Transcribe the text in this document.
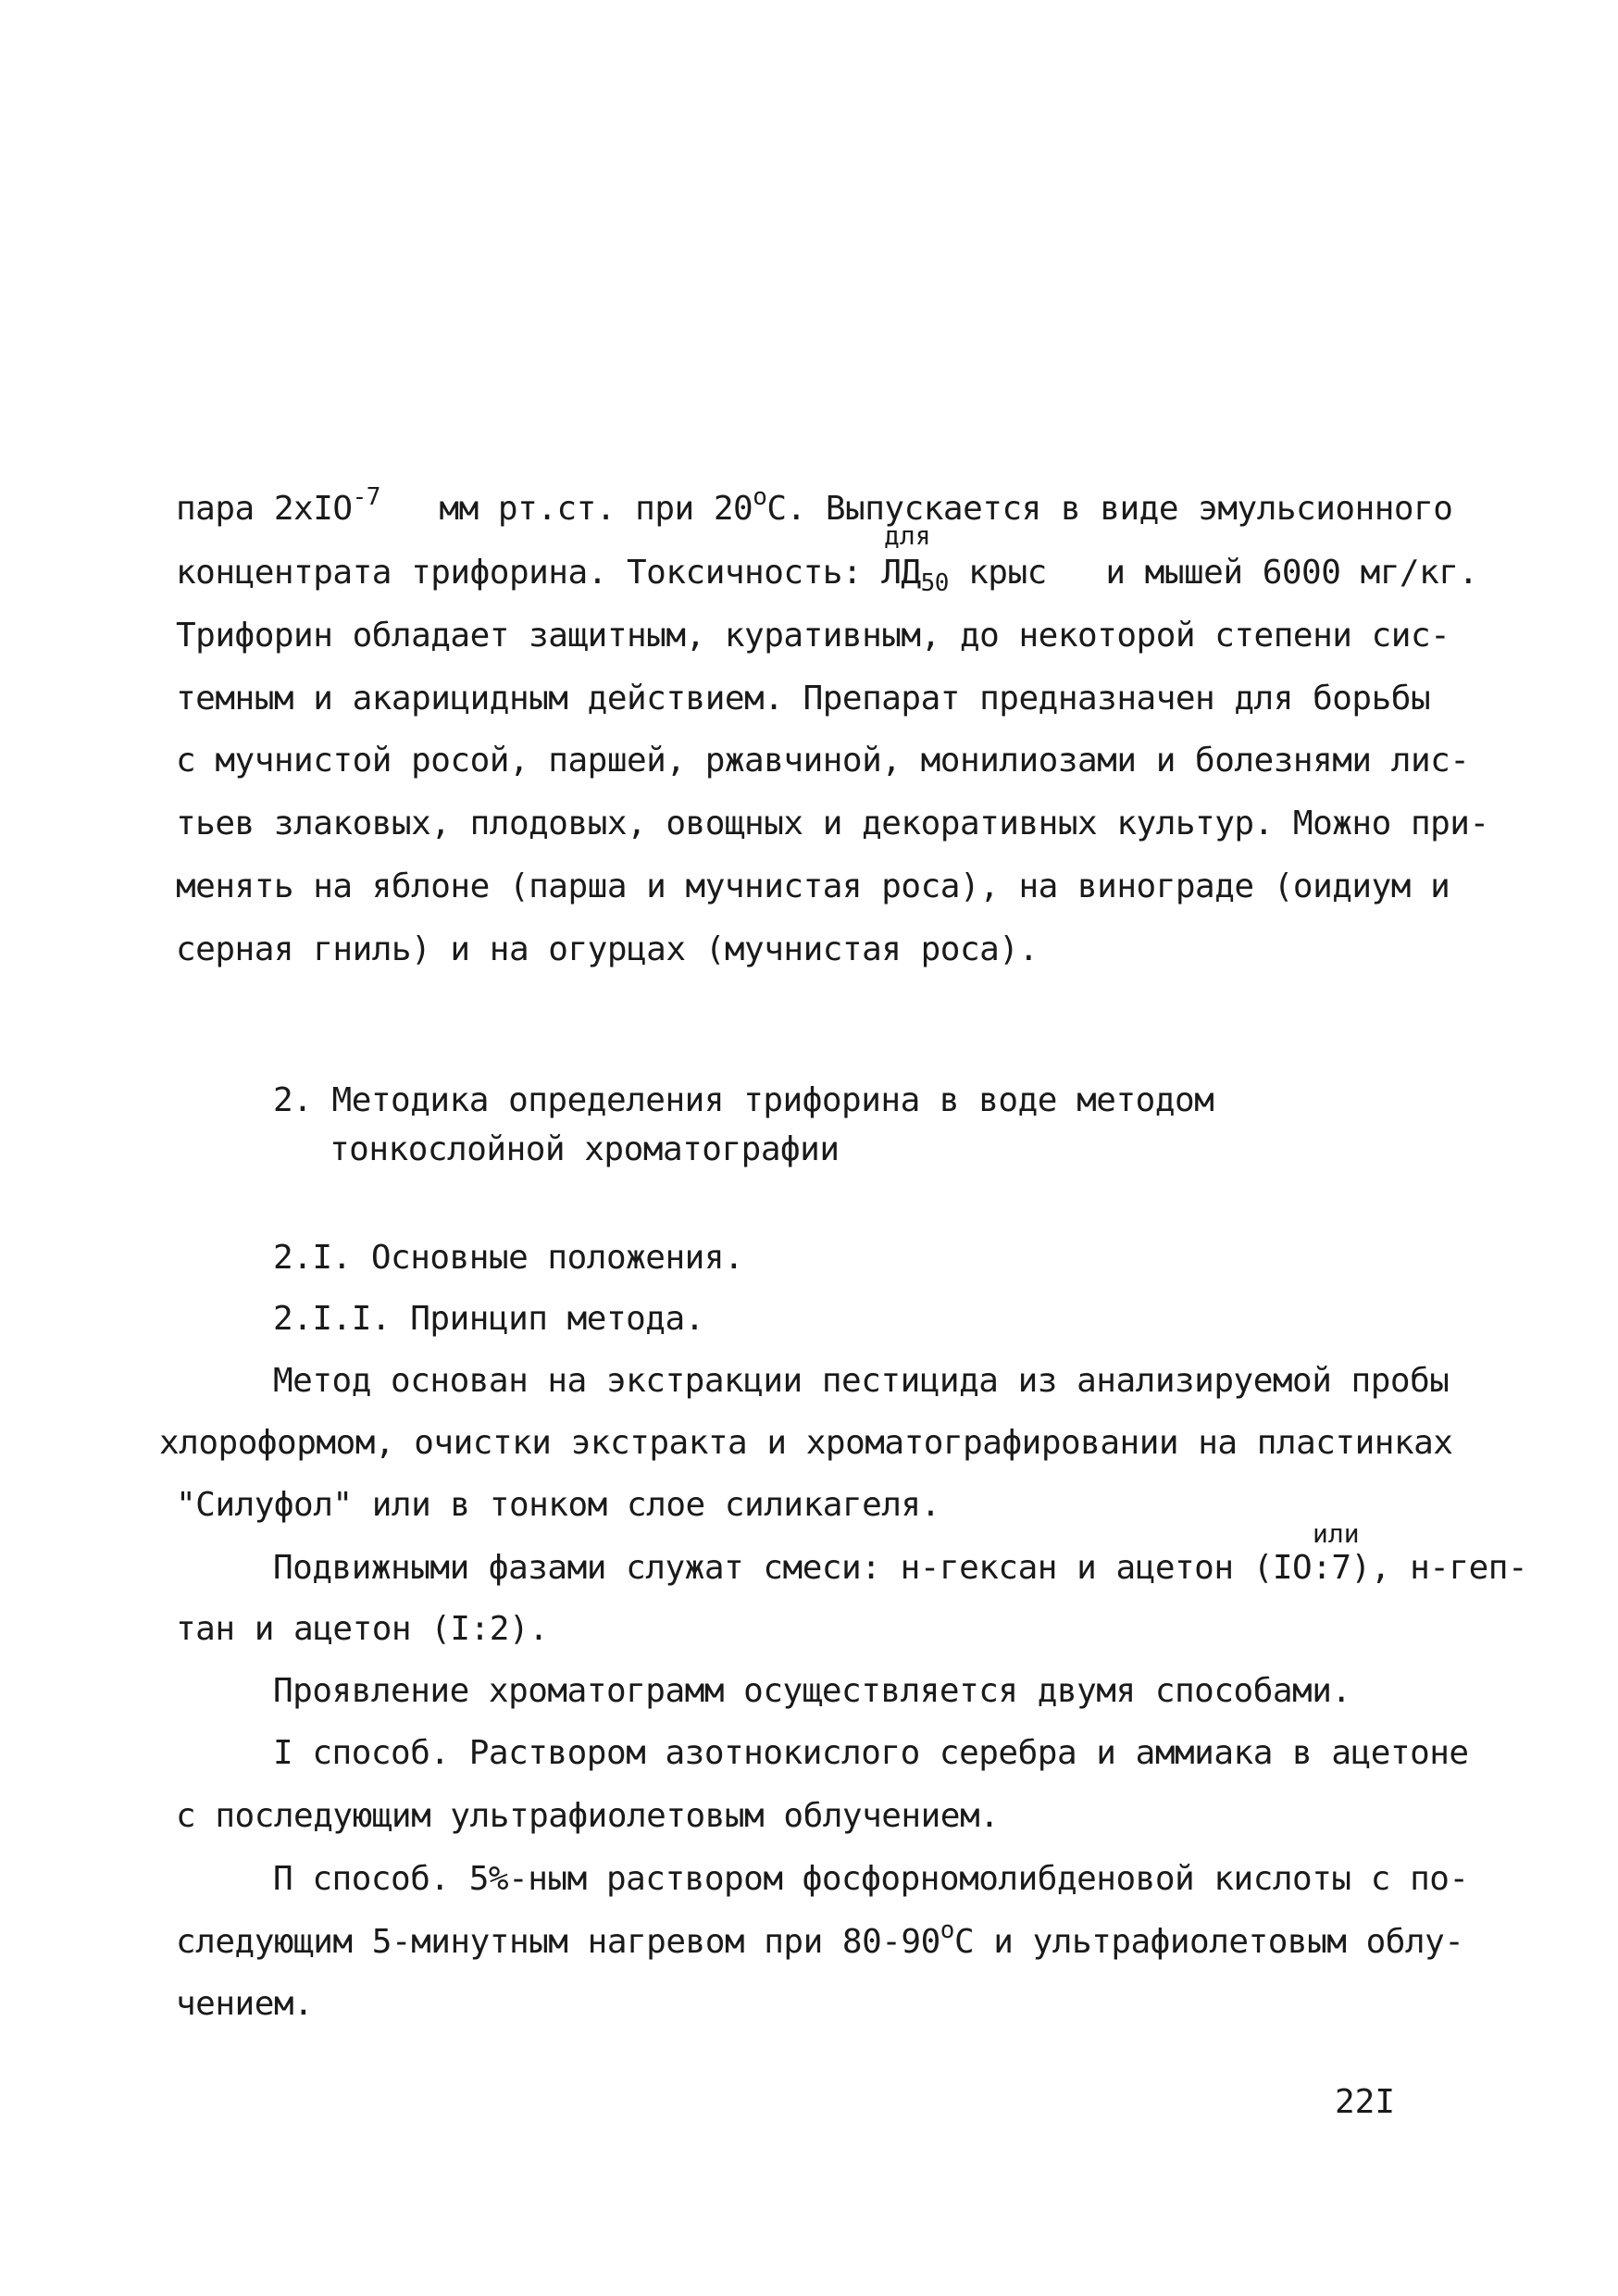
пара 2xIO$^{-7}$   мм рт.ст. при 20$^o$С. Выпускается в виде эмульсионного
для
концентрата трифорина. Токсичность: $ЛД_{50}$ крыс   и мышей 6000 мг/кг.
Трифорин обладает защитным, куративным, до некоторой степени сис-
темным и акарицидным действием. Препарат предназначен для борьбы
с мучнистой росой, паршей, ржавчиной, монилиозами и болезнями лис-
тьев злаковых, плодовых, овощных и декоративных культур. Можно при-
менять на яблоне (парша и мучнистая роса), на винограде (оидиум и
серная гниль) и на огурцах (мучнистая роса).
2. Методика определения трифорина в воде методом
тонкослойной хроматографии
2.I. Основные положения.
2.I.I. Принцип метода.
Метод основан на экстракции пестицида из анализируемой пробы
хлороформом, очистки экстракта и хроматографировании на пластинках
"Силуфол" или в тонком слое силикагеля.
или
Подвижными фазами служат смеси: н-гексан и ацетон (IO:7), н-геп-
тан и ацетон (I:2).
Проявление хроматограмм осуществляется двумя способами.
I способ. Раствором азотнокислого серебра и аммиака в ацетоне
с последующим ультрафиолетовым облучением.
П способ. 5%-ным раствором фосфорномолибденовой кислоты с по-
следующим 5-минутным нагревом при 80-90$^o$С и ультрафиолетовым облу-
чением.
22I
